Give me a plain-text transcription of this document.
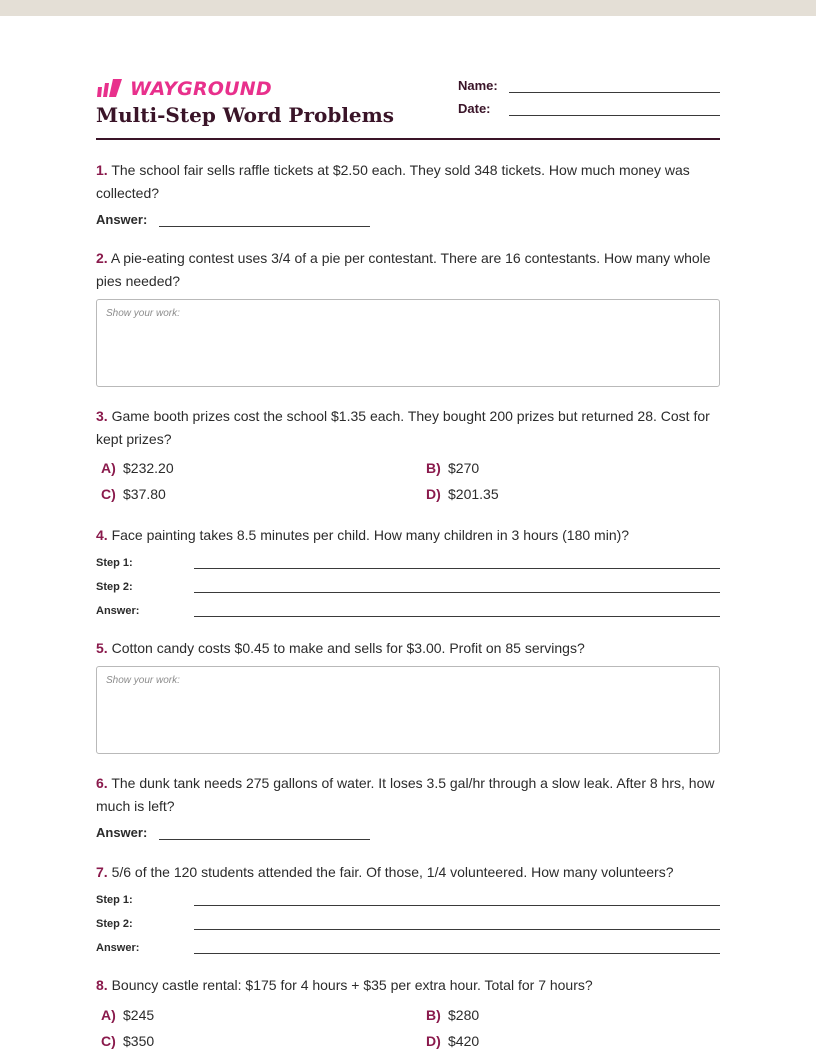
WAYGROUND
Multi-Step Word Problems
Name:
Date:
1. The school fair sells raffle tickets at $2.50 each. They sold 348 tickets. How much money was collected?
Answer:
2. A pie-eating contest uses 3/4 of a pie per contestant. There are 16 contestants. How many whole pies needed?
Show your work:
3. Game booth prizes cost the school $1.35 each. They bought 200 prizes but returned 28. Cost for kept prizes?
A) $232.20	B) $270
C) $37.80	D) $201.35
4. Face painting takes 8.5 minutes per child. How many children in 3 hours (180 min)?
Step 1:
Step 2:
Answer:
5. Cotton candy costs $0.45 to make and sells for $3.00. Profit on 85 servings?
Show your work:
6. The dunk tank needs 275 gallons of water. It loses 3.5 gal/hr through a slow leak. After 8 hrs, how much is left?
Answer:
7. 5/6 of the 120 students attended the fair. Of those, 1/4 volunteered. How many volunteers?
Step 1:
Step 2:
Answer:
8. Bouncy castle rental: $175 for 4 hours + $35 per extra hour. Total for 7 hours?
A) $245	B) $280
C) $350	D) $420
